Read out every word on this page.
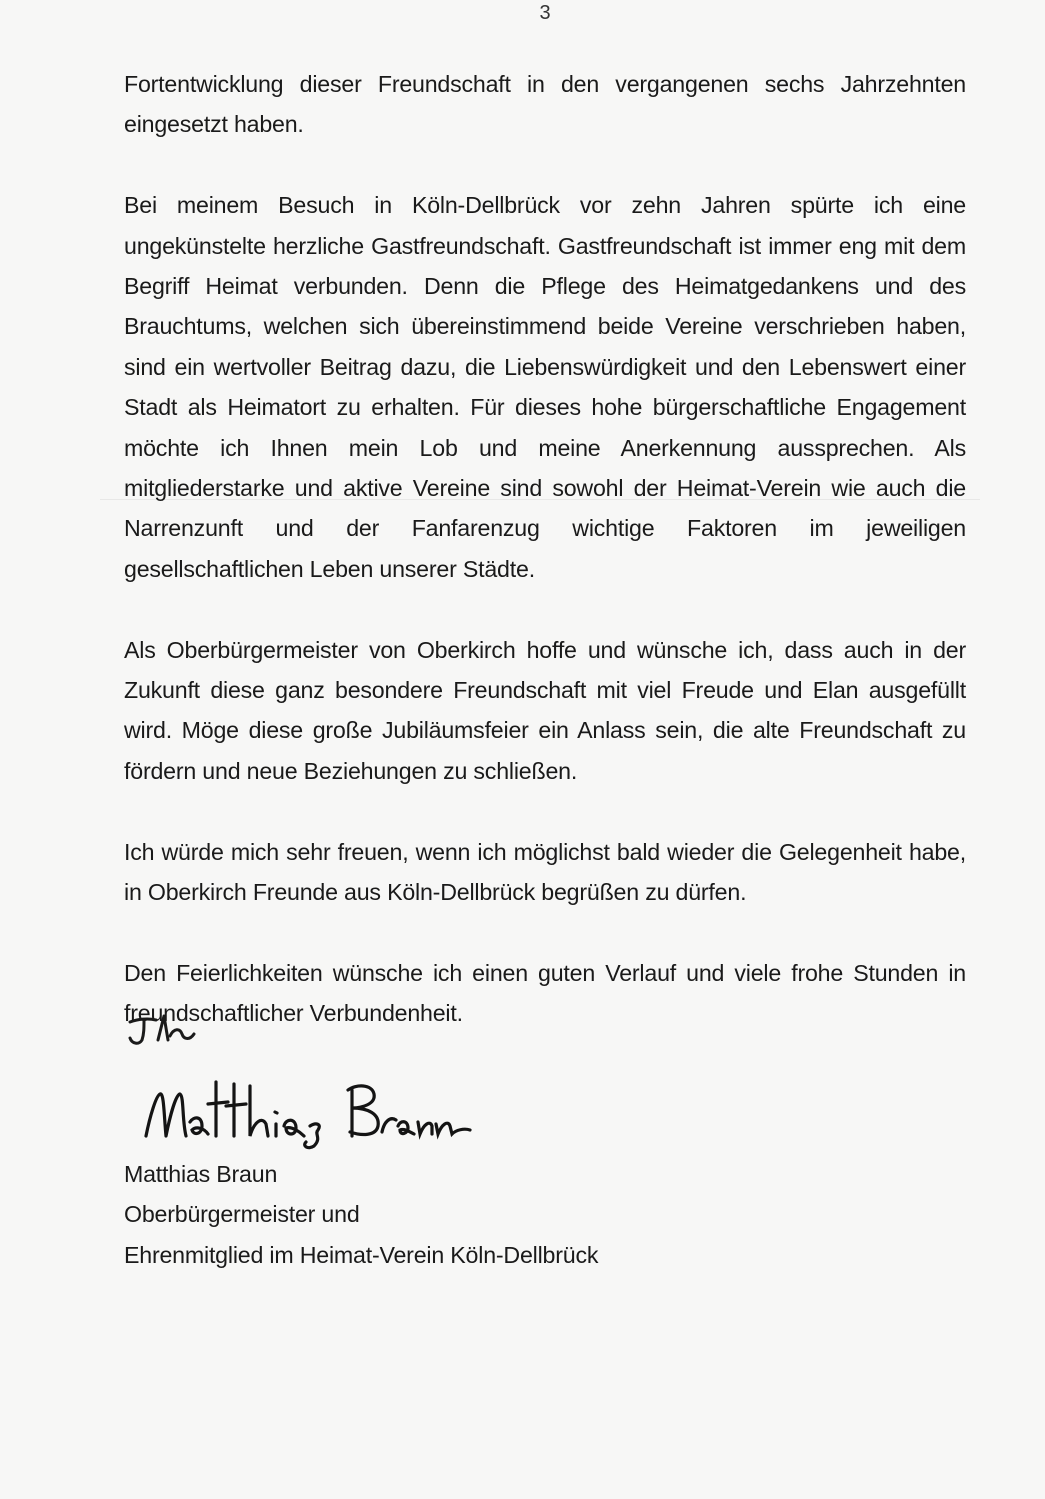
3

Fortentwicklung dieser Freundschaft in den vergangenen sechs Jahrzehnten eingesetzt haben.

Bei meinem Besuch in Köln-Dellbrück vor zehn Jahren spürte ich eine ungekünstelte herzliche Gastfreundschaft. Gastfreundschaft ist immer eng mit dem Begriff Heimat verbunden. Denn die Pflege des Heimatgedankens und des Brauchtums, welchen sich übereinstimmend beide Vereine verschrieben haben, sind ein wertvoller Beitrag dazu, die Liebenswürdigkeit und den Lebenswert einer Stadt als Heimatort zu erhalten. Für dieses hohe bürgerschaftliche Engagement möchte ich Ihnen mein Lob und meine Anerkennung aussprechen. Als mitgliederstarke und aktive Vereine sind sowohl der Heimat-Verein wie auch die Narrenzunft und der Fanfarenzug wichtige Faktoren im jeweiligen gesellschaftlichen Leben unserer Städte.

Als Oberbürgermeister von Oberkirch hoffe und wünsche ich, dass auch in der Zukunft diese ganz besondere Freundschaft mit viel Freude und Elan ausgefüllt wird. Möge diese große Jubiläumsfeier ein Anlass sein, die alte Freundschaft zu fördern und neue Beziehungen zu schließen.

Ich würde mich sehr freuen, wenn ich möglichst bald wieder die Gelegenheit habe, in Oberkirch Freunde aus Köln-Dellbrück begrüßen zu dürfen.

Den Feierlichkeiten wünsche ich einen guten Verlauf und viele frohe Stunden in freundschaftlicher Verbundenheit.

Matthias Braun
Oberbürgermeister und
Ehrenmitglied im Heimat-Verein Köln-Dellbrück
